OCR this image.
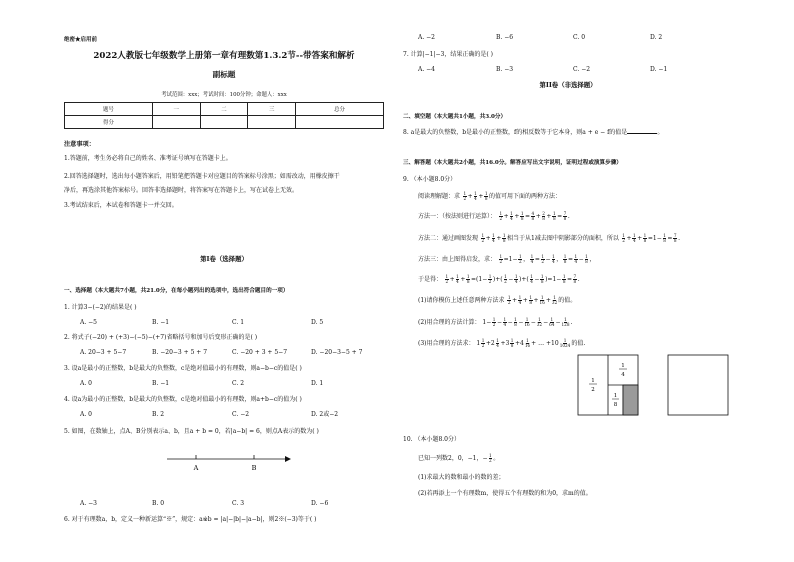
绝密★启用前
2022人教版七年级数学上册第一章有理数第1.3.2节--带答案和解析
副标题
考试范围：xxx；考试时间：100分钟；命题人：xxx
题号	一	二	三	总分
得分				
注意事项：
1.答题前，考生务必将自己的姓名、准考证号填写在答题卡上。
2.回答选择题时，选出每小题答案后，用铅笔把答题卡对应题目的答案标号涂黑；如需改动，用橡皮擦干
净后，再选涂其他答案标号。回答非选择题时，将答案写在答题卡上，写在试卷上无效。
3.考试结束后，本试卷和答题卡一并交回。
第I卷（选择题）
一、选择题（本大题共7小题，共21.0分，在每小题列出的选项中，选出符合题目的一项）
1. 计算3−(−2)的结果是( )
A. −5	B. −1	C. 1	D. 5
2. 将式子(−20) + (+3)−(−5)−(+7)省略括号和加号后变形正确的是( )
A. 20−3 + 5−7	B. −20−3 + 5 + 7	C. −20 + 3 + 5−7	D. −20−3−5 + 7
3. 设a是最小的正整数，b是最大的负整数，c是绝对值最小的有理数，则a−b−c的值是( )
A. 0	B. −1	C. 2	D. 1
4. 设a为最小的正整数，b是最大的负整数，c是绝对值最小的有理数，则a+b−c的值为( )
A. 0	B. 2	C. −2	D. 2或−2
5. 如图，在数轴上，点A、B分别表示a、b，且a + b = 0，若|a−b| = 6，则点A表示的数为( )
A	B
A. −3	B. 0	C. 3	D. −6
6. 对于有理数a，b，定义一种新运算“※”，规定：a※b = |a|−|b|−|a−b|，则2※(−3)等于( )
A. −2	B. −6	C. 0	D. 2
7. 计算|−1|−3，结果正确的是( )
A. −4	B. −3	C. −2	D. −1
第II卷（非选择题）
二、填空题（本大题共1小题，共3.0分）
8. a是最大的负整数，b是最小的正整数，f的相反数等于它本身，则a + e − f的值是	。
三、解答题（本大题共2小题，共16.0分。解答应写出文字说明，证明过程或演算步骤）
9. （本小题8.0分）
阅读理解题：求 $\frac{1}{2} + \frac{1}{4} + \frac{1}{8}$ 的值可用下面的两种方法：
方法一：（按法则进行运算）： $\frac{1}{2} + \frac{1}{4} + \frac{1}{8} = \frac{4}{8} + \frac{2}{8} + \frac{1}{8} = \frac{7}{8}$ .
方法二：通过画图发现 $\frac{1}{2} + \frac{1}{4} + \frac{1}{8}$ 相当于从1减去图中阴影部分的面积，所以 $\frac{1}{2} + \frac{1}{4} + \frac{1}{8} =1- \frac{1}{8} = \frac{7}{8}$ .
方法三：由上图得启发，求： $\frac{1}{2} =1- \frac{1}{2}$ ， $\frac{1}{4} = \frac{1}{2} - \frac{1}{4}$ ， $\frac{1}{8} = \frac{1}{4} - \frac{1}{8}$ ，
于是得： $\frac{1}{2} + \frac{1}{4} + \frac{1}{8} =(1- \frac{1}{2}$ )+( $\frac{1}{2} - \frac{1}{4}$ )+( $\frac{1}{4} - \frac{1}{8} )=1- \frac{1}{8} = \frac{7}{8}$ .
(1)请你模仿上述任意两种方法求 $\frac{1}{2} + \frac{1}{4} + \frac{1}{8} + \frac{1}{16} + \frac{1}{32}$ 的值。
(2)用合理的方法计算： $1- \frac{1}{2} - \frac{1}{4} - \frac{1}{8} - \frac{1}{16} - \frac{1}{32} - \frac{1}{64} - \frac{1}{128}$ .
(3)用合理的方法求： $1 \frac{1}{2} +2 \frac{1}{4} +3 \frac{1}{8} +4 \frac{1}{16}$ + … $+10 \frac{1}{1024}$ 的值.
1
2
1
4
1
8
10. （本小题8.0分）
已知一列数2，0，−1，− $\frac{1}{2}$ 。
(1)求最大的数和最小的数的差；
(2)若再添上一个有理数m，使得五个有理数的和为0，求m的值。
